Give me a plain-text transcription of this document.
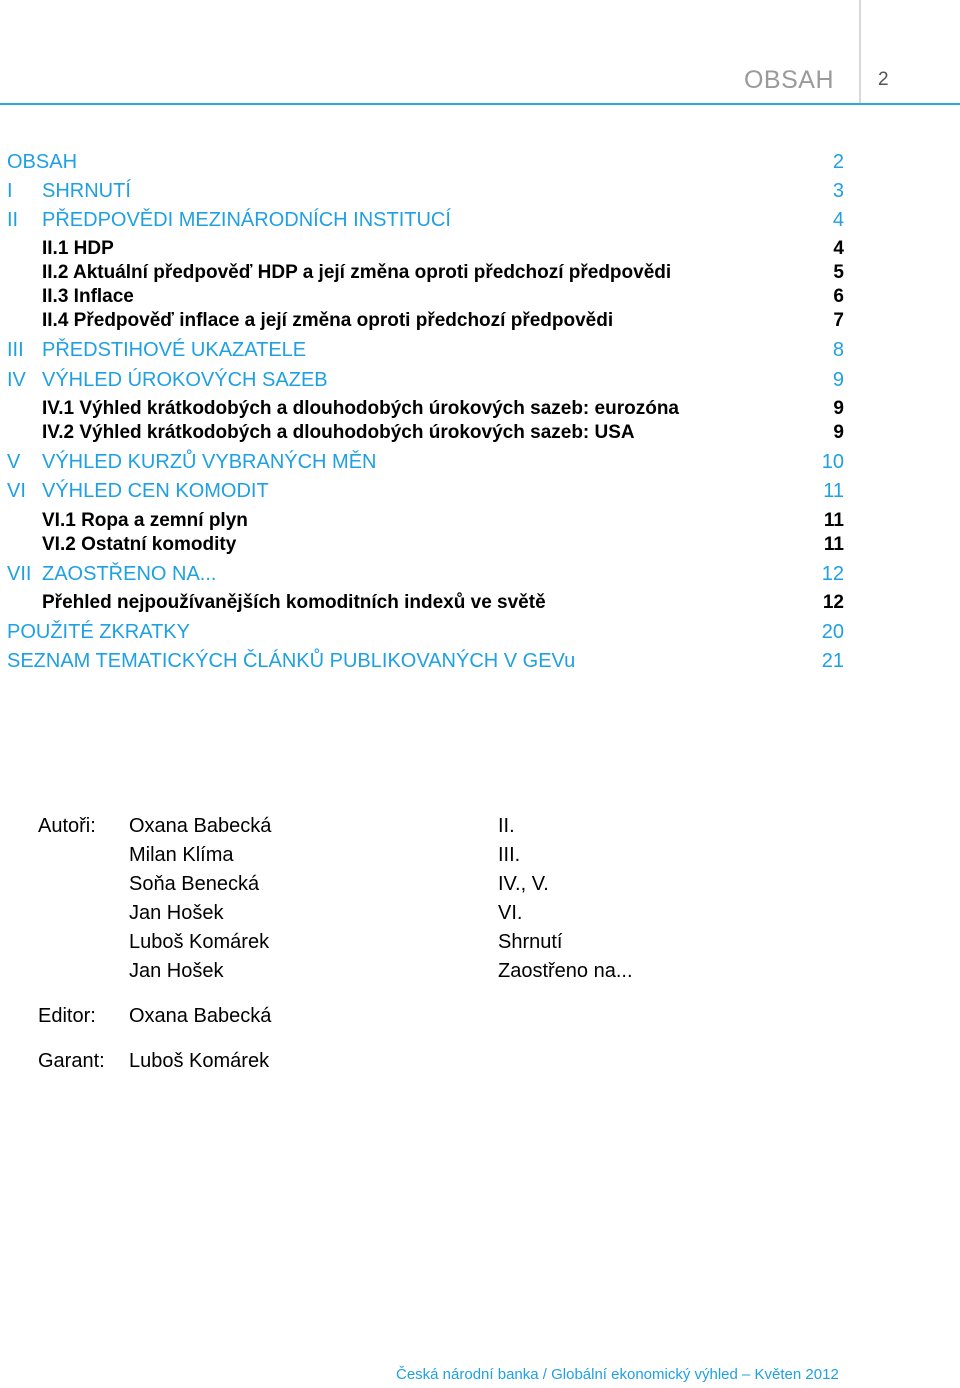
OBSAH 2
OBSAH	2
I SHRNUTÍ	3
II PŘEDPOVĚDI MEZINÁRODNÍCH INSTITUCÍ	4
II.1 HDP	4
II.2 Aktuální předpověď HDP a její změna oproti předchozí předpovědi	5
II.3 Inflace	6
II.4 Předpověď inflace a její změna oproti předchozí předpovědi	7
III PŘEDSTIHOVÉ UKAZATELE	8
IV VÝHLED ÚROKOVÝCH SAZEB	9
IV.1 Výhled krátkodobých a dlouhodobých úrokových sazeb: eurozóna	9
IV.2 Výhled krátkodobých a dlouhodobých úrokových sazeb: USA	9
V VÝHLED KURZŮ VYBRANÝCH MĚN	10
VI VÝHLED CEN KOMODIT	11
VI.1 Ropa a zemní plyn	11
VI.2 Ostatní komodity	11
VII ZAOSTŘENO NA...	12
Přehled nejpoužívanějších komoditních indexů ve světě	12
POUŽITÉ ZKRATKY	20
SEZNAM TEMATICKÝCH ČLÁNKŮ PUBLIKOVANÝCH V GEVu	21
Autoři: Oxana Babecká	II.
Milan Klíma	III.
Soňa Benecká	IV., V.
Jan Hošek	VI.
Luboš Komárek	Shrnutí
Jan Hošek	Zaostřeno na...
Editor: Oxana Babecká
Garant: Luboš Komárek
Česká národní banka / Globální ekonomický výhled – Květen 2012
